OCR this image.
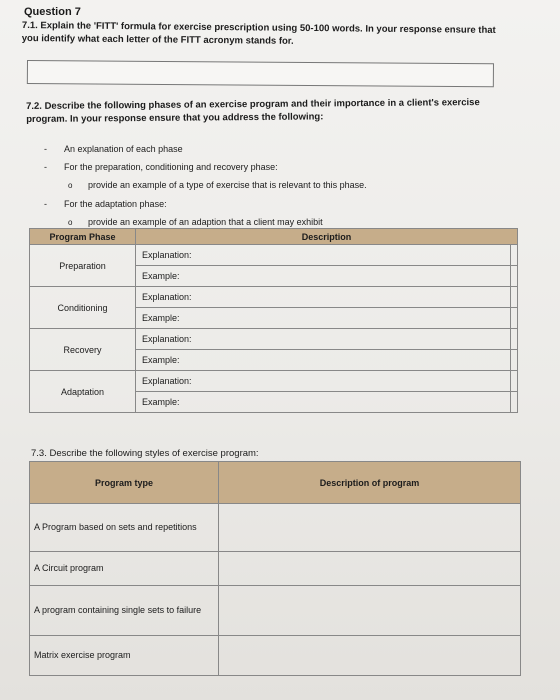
Question 7
7.1. Explain the 'FITT' formula for exercise prescription using 50-100 words. In your response ensure that you identify what each letter of the FITT acronym stands for.
7.2. Describe the following phases of an exercise program and their importance in a client's exercise program. In your response ensure that you address the following:
- An explanation of each phase
- For the preparation, conditioning and recovery phase:
o provide an example of a type of exercise that is relevant to this phase.
- For the adaptation phase:
o provide an example of an adaption that a client may exhibit
Program Phase	Description	
Preparation	Explanation:	
	Example:	
Conditioning	Explanation:	
	Example:	
Recovery	Explanation:	
	Example:	
Adaptation	Explanation:	
	Example:	
7.3. Describe the following styles of exercise program:
Program type	Description of program
A Program based on sets and repetitions	
A Circuit program	
A program containing single sets to failure	
Matrix exercise program	
